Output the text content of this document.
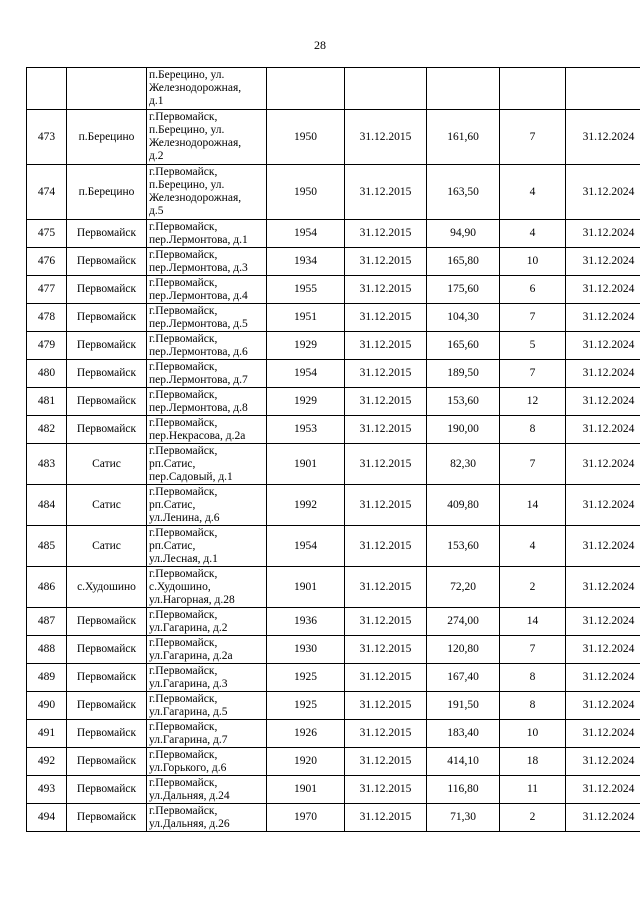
28
		п.Берецино, ул.
Железнодорожная,
д.1					
473	п.Берецино	г.Первомайск,
п.Берецино, ул.
Железнодорожная,
д.2	1950	31.12.2015	161,60	7	31.12.2024
474	п.Берецино	г.Первомайск,
п.Берецино, ул.
Железнодорожная,
д.5	1950	31.12.2015	163,50	4	31.12.2024
475	Первомайск	г.Первомайск,
пер.Лермонтова, д.1	1954	31.12.2015	94,90	4	31.12.2024
476	Первомайск	г.Первомайск,
пер.Лермонтова, д.3	1934	31.12.2015	165,80	10	31.12.2024
477	Первомайск	г.Первомайск,
пер.Лермонтова, д.4	1955	31.12.2015	175,60	6	31.12.2024
478	Первомайск	г.Первомайск,
пер.Лермонтова, д.5	1951	31.12.2015	104,30	7	31.12.2024
479	Первомайск	г.Первомайск,
пер.Лермонтова, д.6	1929	31.12.2015	165,60	5	31.12.2024
480	Первомайск	г.Первомайск,
пер.Лермонтова, д.7	1954	31.12.2015	189,50	7	31.12.2024
481	Первомайск	г.Первомайск,
пер.Лермонтова, д.8	1929	31.12.2015	153,60	12	31.12.2024
482	Первомайск	г.Первомайск,
пер.Некрасова, д.2а	1953	31.12.2015	190,00	8	31.12.2024
483	Сатис	г.Первомайск,
рп.Сатис,
пер.Садовый, д.1	1901	31.12.2015	82,30	7	31.12.2024
484	Сатис	г.Первомайск,
рп.Сатис,
ул.Ленина, д.6	1992	31.12.2015	409,80	14	31.12.2024
485	Сатис	г.Первомайск,
рп.Сатис,
ул.Лесная, д.1	1954	31.12.2015	153,60	4	31.12.2024
486	с.Худошино	г.Первомайск,
с.Худошино,
ул.Нагорная, д.28	1901	31.12.2015	72,20	2	31.12.2024
487	Первомайск	г.Первомайск,
ул.Гагарина, д.2	1936	31.12.2015	274,00	14	31.12.2024
488	Первомайск	г.Первомайск,
ул.Гагарина, д.2а	1930	31.12.2015	120,80	7	31.12.2024
489	Первомайск	г.Первомайск,
ул.Гагарина, д.3	1925	31.12.2015	167,40	8	31.12.2024
490	Первомайск	г.Первомайск,
ул.Гагарина, д.5	1925	31.12.2015	191,50	8	31.12.2024
491	Первомайск	г.Первомайск,
ул.Гагарина, д.7	1926	31.12.2015	183,40	10	31.12.2024
492	Первомайск	г.Первомайск,
ул.Горького, д.6	1920	31.12.2015	414,10	18	31.12.2024
493	Первомайск	г.Первомайск,
ул.Дальняя, д.24	1901	31.12.2015	116,80	11	31.12.2024
494	Первомайск	г.Первомайск,
ул.Дальняя, д.26	1970	31.12.2015	71,30	2	31.12.2024
